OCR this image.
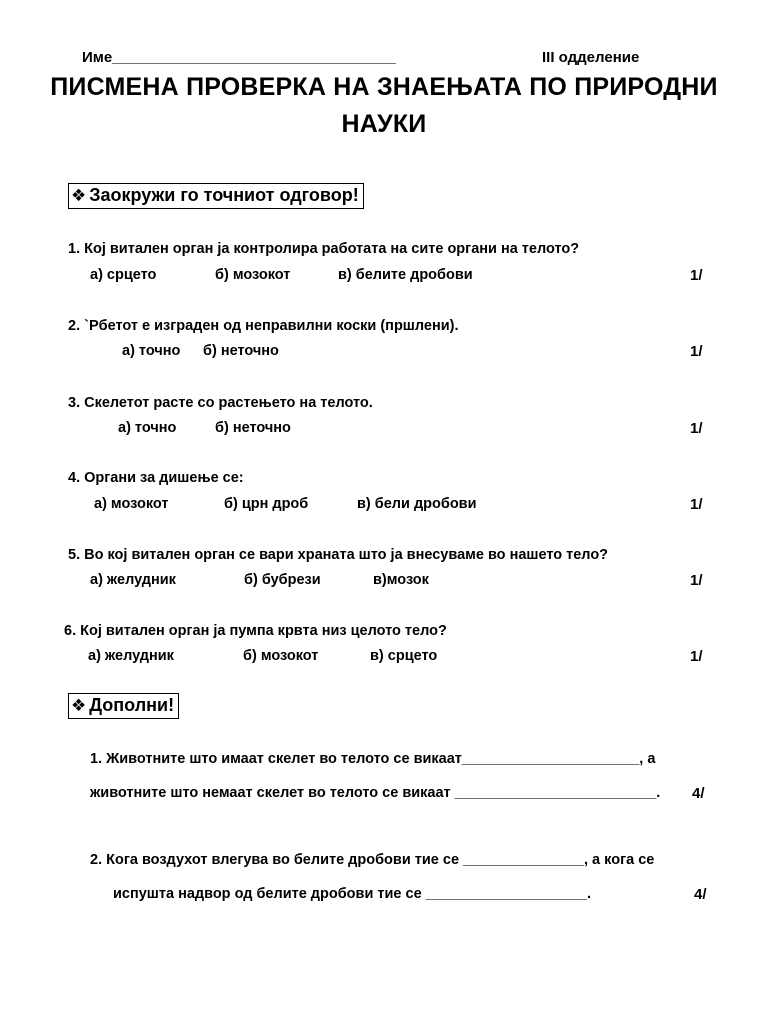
Име__________________________________	III одделение
ПИСМЕНА ПРОВЕРКА НА ЗНАЕЊАТА ПО ПРИРОДНИ
НАУКИ
❖ Заокружи го точниот одговор!
1. Кој витален орган ја контролира работата на сите органи на телото?
а) срцето	б) мозокот	в) белите дробови	1/
2. `Рбетот е изграден од неправилни коски (пршлени).
а) точно б) неточно	1/
3. Скелетот расте со растењето на телото.
а) точно	б) неточно	1/
4. Органи за дишење се:
а) мозокот	б) црн дроб	в) бели дробови	1/
5. Во кој витален орган се вари храната што ја внесуваме во нашето тело?
а) желудник	б) бубрези	в)мозок	1/
6. Кој витален орган ја пумпа крвта низ целото тело?
а) желудник	б) мозокот	в) срцето	1/
❖ Дополни!
1. Животните што имаат скелет во телото се викаат______________________, а
животните што немаат скелет во телото се викаат _________________________. 4/
2. Кога воздухот влегува во белите дробови тие се _______________, а кога се
испушта надвор од белите дробови тие се ____________________.	4/
